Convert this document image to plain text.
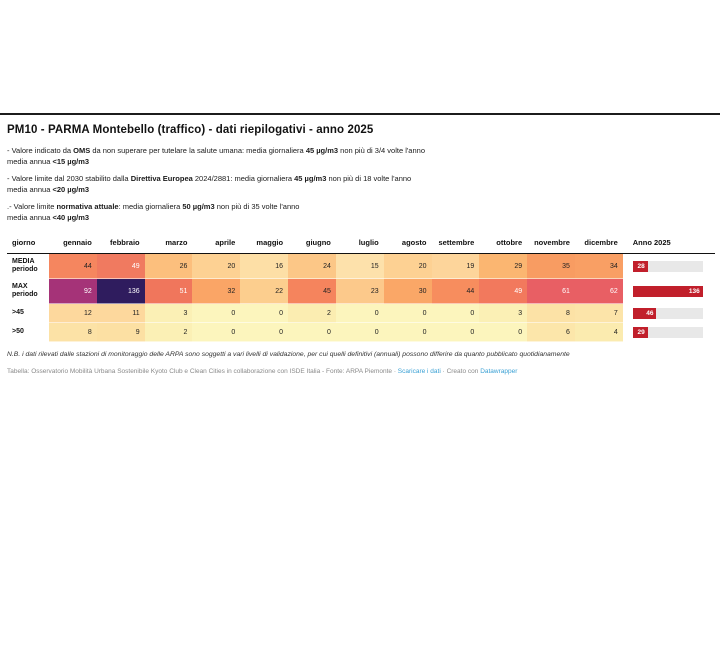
PM10 - PARMA Montebello (traffico) - dati riepilogativi - anno 2025

- Valore indicato da OMS da non superare per tutelare la salute umana: media giornaliera 45 µg/m3 non più di 3/4 volte l'anno
media annua <15 µg/m3

- Valore limite dal 2030 stabilito dalla Direttiva Europea 2024/2881: media giornaliera 45 µg/m3 non più di 18 volte l'anno
media annua <20 µg/m3

.- Valore limite normativa attuale: media giornaliera 50 µg/m3 non più di 35 volte l'anno
media annua <40 µg/m3

giorno	gennaio	febbraio	marzo	aprile	maggio	giugno	luglio	agosto	settembre	ottobre	novembre	dicembre	Anno 2025
MEDIA
periodo	44	49	26	20	16	24	15	20	19	29	35	34	28

MAX
periodo	92	136	51	32	22	45	23	30	44	49	61	62	136

>45	12	11	3	0	0	2	0	0	0	3	8	7	46

>50	8	9	2	0	0	0	0	0	0	0	6	4	29

N.B. i dati rilevati dalle stazioni di monitoraggio delle ARPA sono soggetti a vari livelli di validazione, per cui quelli definitivi (annuali) possono differire da quanto pubblicato quotidianamente

Tabella: Osservatorio Mobilità Urbana Sostenibile Kyoto Club e Clean Cities in collaborazione con ISDE Italia - Fonte: ARPA Piemonte · Scaricare i dati · Creato con Datawrapper
